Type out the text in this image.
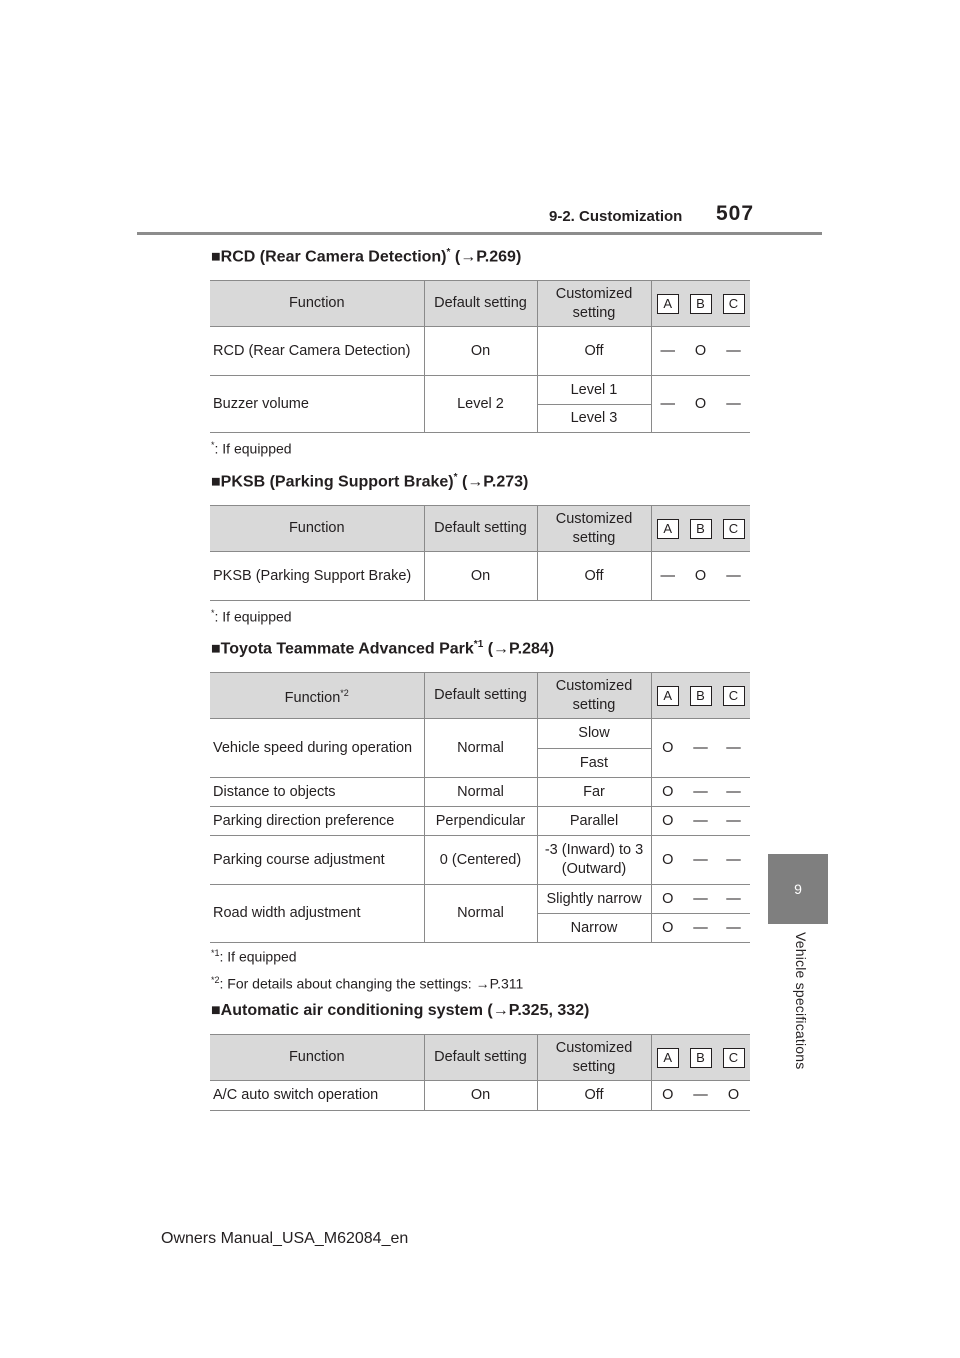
9-2. Customization 507
9
Vehicle specifications
■RCD (Rear Camera Detection)* (→P.269)
Function	Default setting	Customized setting	A	B	C
RCD (Rear Camera Detection)	On	Off	—	O	—
Buzzer volume	Level 2	Level 1	—	O	—
		Level 3			
*: If equipped
■PKSB (Parking Support Brake)* (→P.273)
Function	Default setting	Customized setting	A	B	C
PKSB (Parking Support Brake)	On	Off	—	O	—
*: If equipped
■Toyota Teammate Advanced Park$^{*1}$ (→P.284)
Function$^{*2}$	Default setting	Customized setting	A	B	C
Vehicle speed during operation	Normal	Slow	O	—	—
		Fast			
Distance to objects	Normal	Far	O	—	—
Parking direction preference	Perpendicular	Parallel	O	—	—
Parking course adjustment	0 (Centered)	-3 (Inward) to 3 (Outward)	O	—	—
Road width adjustment	Normal	Slightly narrow	O	—	—
		Narrow	O	—	—
$^{*1}$: If equipped
$^{*2}$: For details about changing the settings: →P.311
■Automatic air conditioning system (→P.325, 332)
Function	Default setting	Customized setting	A	B	C
A/C auto switch operation	On	Off	O	—	O
Owners Manual_USA_M62084_en
